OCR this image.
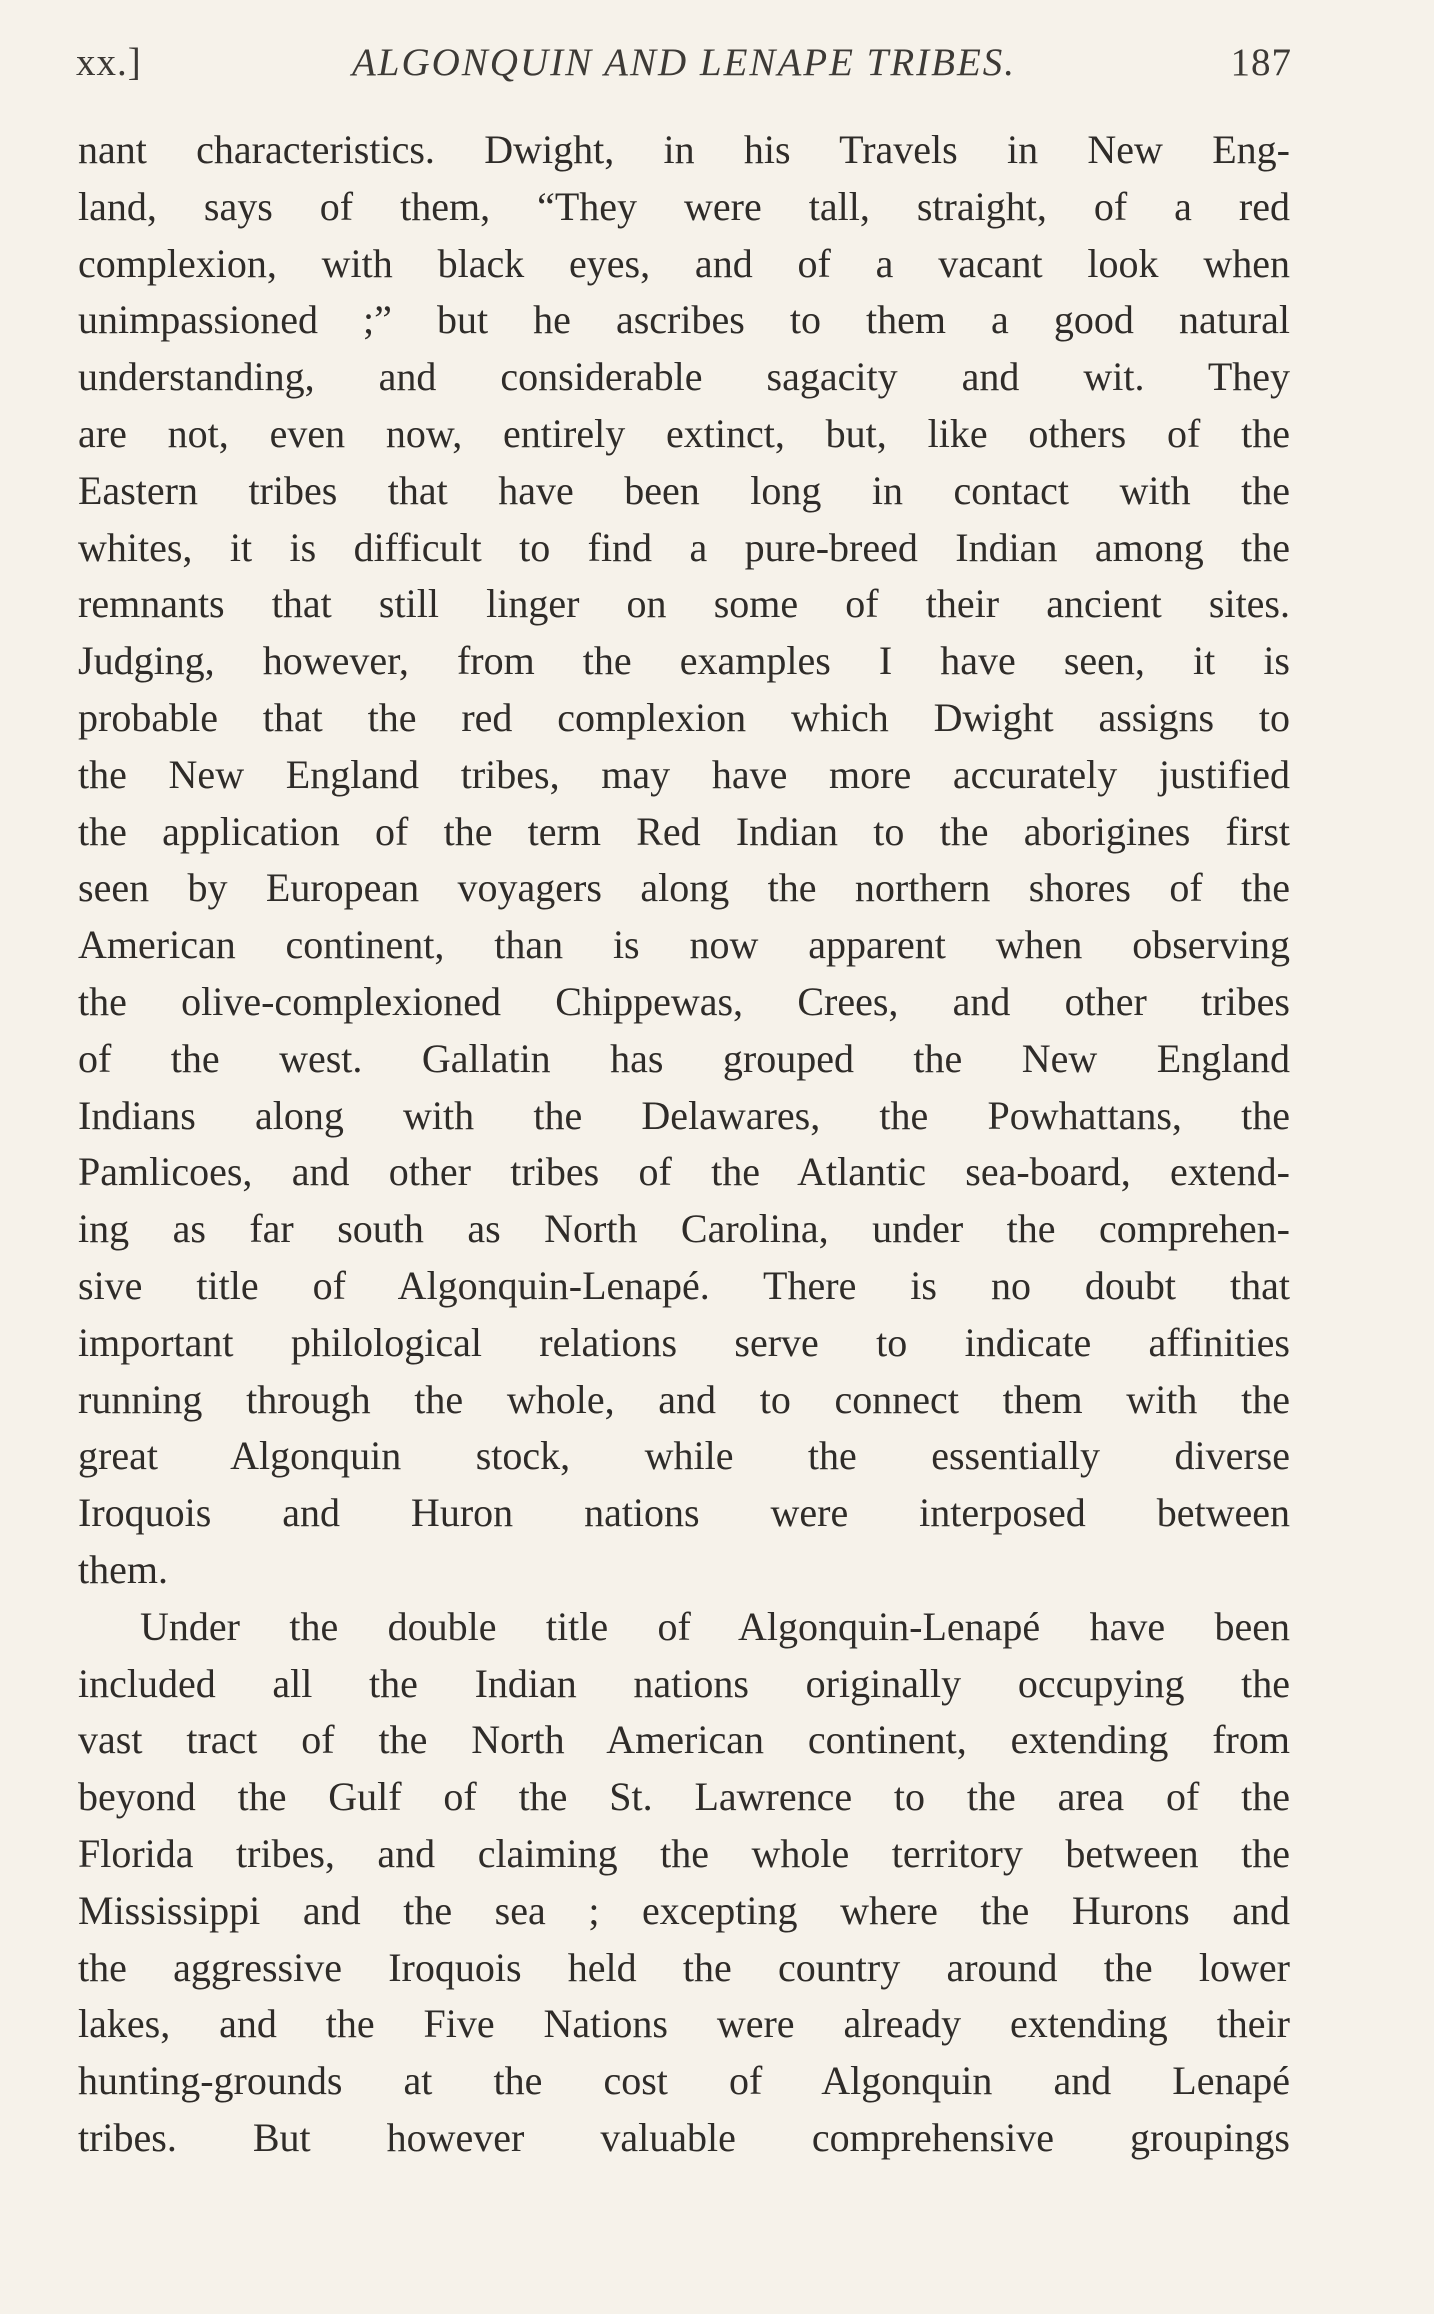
xx.]	ALGONQUIN AND LENAPE TRIBES.	187
nant characteristics. Dwight, in his Travels in New Eng-
land, says of them, “They were tall, straight, of a red
complexion, with black eyes, and of a vacant look when
unimpassioned ;” but he ascribes to them a good natural
understanding, and considerable sagacity and wit. They
are not, even now, entirely extinct, but, like others of the
Eastern tribes that have been long in contact with the
whites, it is difficult to find a pure-breed Indian among the
remnants that still linger on some of their ancient sites.
Judging, however, from the examples I have seen, it is
probable that the red complexion which Dwight assigns to
the New England tribes, may have more accurately justified
the application of the term Red Indian to the aborigines first
seen by European voyagers along the northern shores of the
American continent, than is now apparent when observing
the olive-complexioned Chippewas, Crees, and other tribes
of the west. Gallatin has grouped the New England
Indians along with the Delawares, the Powhattans, the
Pamlicoes, and other tribes of the Atlantic sea-board, extend-
ing as far south as North Carolina, under the comprehen-
sive title of Algonquin-Lenapé. There is no doubt that
important philological relations serve to indicate affinities
running through the whole, and to connect them with the
great Algonquin stock, while the essentially diverse
Iroquois and Huron nations were interposed between
them.
Under the double title of Algonquin-Lenapé have been
included all the Indian nations originally occupying the
vast tract of the North American continent, extending from
beyond the Gulf of the St. Lawrence to the area of the
Florida tribes, and claiming the whole territory between the
Mississippi and the sea ; excepting where the Hurons and
the aggressive Iroquois held the country around the lower
lakes, and the Five Nations were already extending their
hunting-grounds at the cost of Algonquin and Lenapé
tribes. But however valuable comprehensive groupings
